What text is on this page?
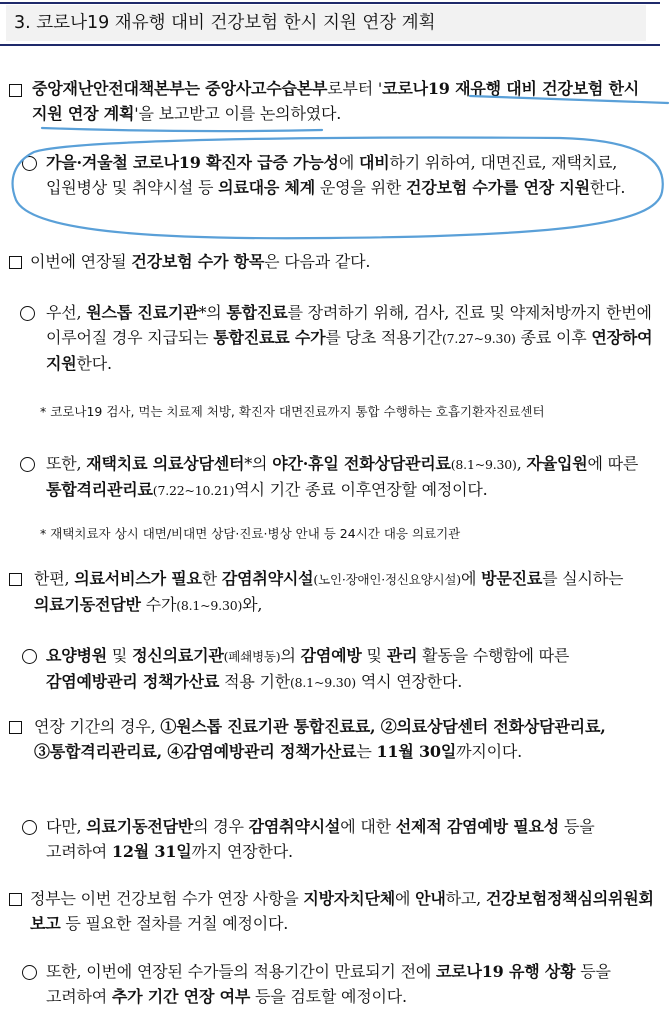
3. 코로나19 재유행 대비 건강보험 한시 지원 연장 계획
중앙재난안전대책본부는 중앙사고수습본부로부터 '코로나19 재유행 대비 건강보험 한시 지원 연장 계획'을 보고받고 이를 논의하였다.
가을·겨울철 코로나19 확진자 급증 가능성에 대비하기 위하여, 대면진료, 재택치료, 입원병상 및 취약시설 등 의료대응 체계 운영을 위한 건강보험 수가를 연장 지원한다.
이번에 연장될 건강보험 수가 항목은 다음과 같다.
우선, 원스톱 진료기관*의 통합진료를 장려하기 위해, 검사, 진료 및 약제처방까지 한번에 이루어질 경우 지급되는 통합진료료 수가를 당초 적용기간(7.27~9.30) 종료 이후 연장하여 지원한다.
* 코로나19 검사, 먹는 치료제 처방, 확진자 대면진료까지 통합 수행하는 호흡기환자진료센터
또한, 재택치료 의료상담센터*의 야간·휴일 전화상담관리료(8.1~9.30), 자율입원에 따른 통합격리관리료(7.22~10.21)역시 기간 종료 이후연장할 예정이다.
* 재택치료자 상시 대면/비대면 상담·진료·병상 안내 등 24시간 대응 의료기관
한편, 의료서비스가 필요한 감염취약시설(노인·장애인·정신요양시설)에 방문진료를 실시하는 의료기동전담반 수가(8.1~9.30)와,
요양병원 및 정신의료기관(폐쇄병동)의 감염예방 및 관리 활동을 수행함에 따른 감염예방관리 정책가산료 적용 기한(8.1~9.30) 역시 연장한다.
연장 기간의 경우, ①원스톱 진료기관 통합진료료, ②의료상담센터 전화상담관리료, ③통합격리관리료, ④감염예방관리 정책가산료는 11월 30일까지이다.
다만, 의료기동전담반의 경우 감염취약시설에 대한 선제적 감염예방 필요성 등을 고려하여 12월 31일까지 연장한다.
정부는 이번 건강보험 수가 연장 사항을 지방자치단체에 안내하고, 건강보험정책심의위원회 보고 등 필요한 절차를 거칠 예정이다.
또한, 이번에 연장된 수가들의 적용기간이 만료되기 전에 코로나19 유행 상황 등을 고려하여 추가 기간 연장 여부 등을 검토할 예정이다.
